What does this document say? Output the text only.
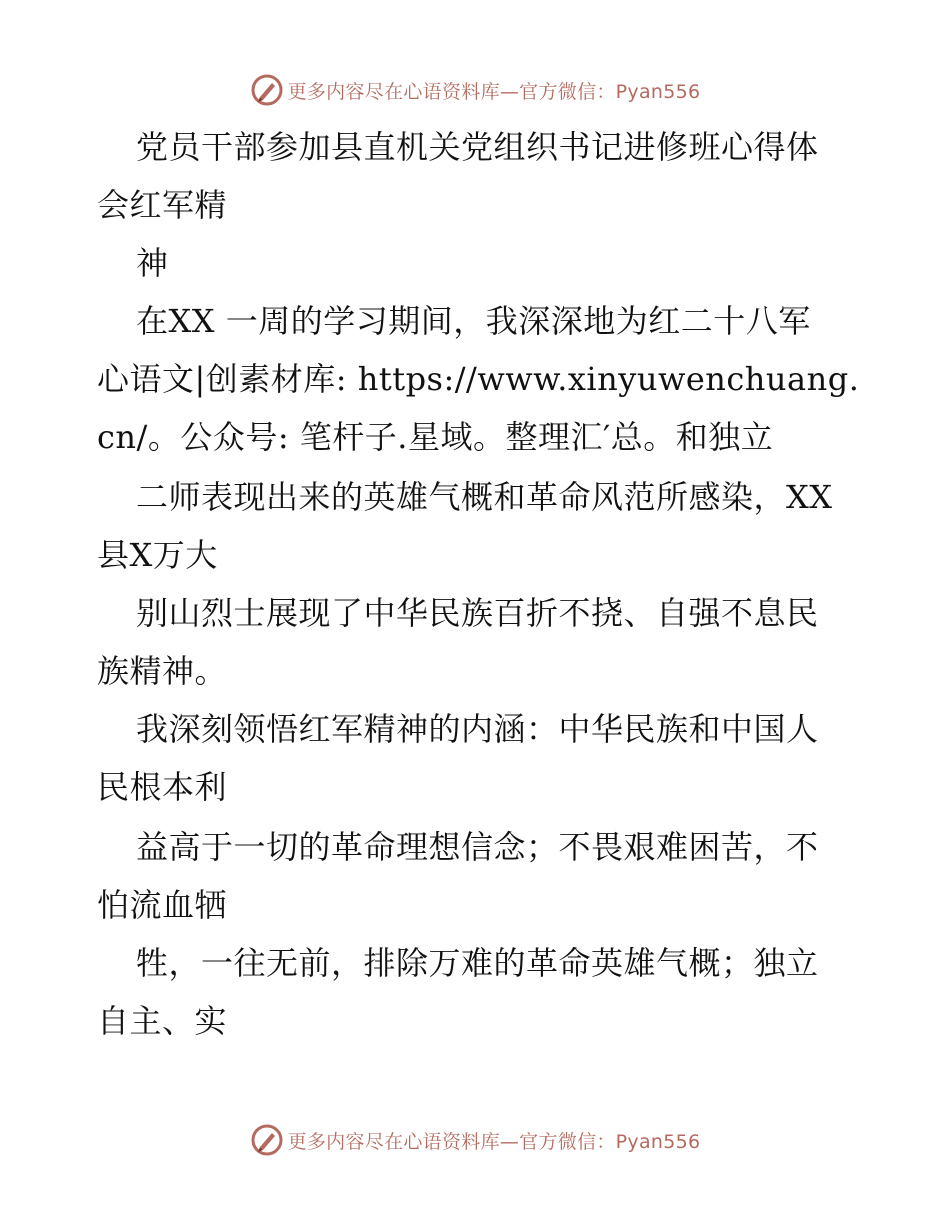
更多内容尽在心语资料库—官方微信：Pyan556
党员干部参加县直机关党组织书记进修班心得体
会红军精
神
在XX 一周的学习期间，我深深地为红二十八军
心语文|创素材库: https://www.xinyuwenchuang.
cn/。公众号: 笔杆子.星域。整理汇′总。和独立
二师表现出来的英雄气概和革命风范所感染，XX
县X万大
别山烈士展现了中华民族百折不挠、自强不息民
族精神。
我深刻领悟红军精神的内涵：中华民族和中国人
民根本利
益高于一切的革命理想信念；不畏艰难困苦，不
怕流血牺
牲，一往无前，排除万难的革命英雄气概；独立
自主、实
更多内容尽在心语资料库—官方微信：Pyan556
